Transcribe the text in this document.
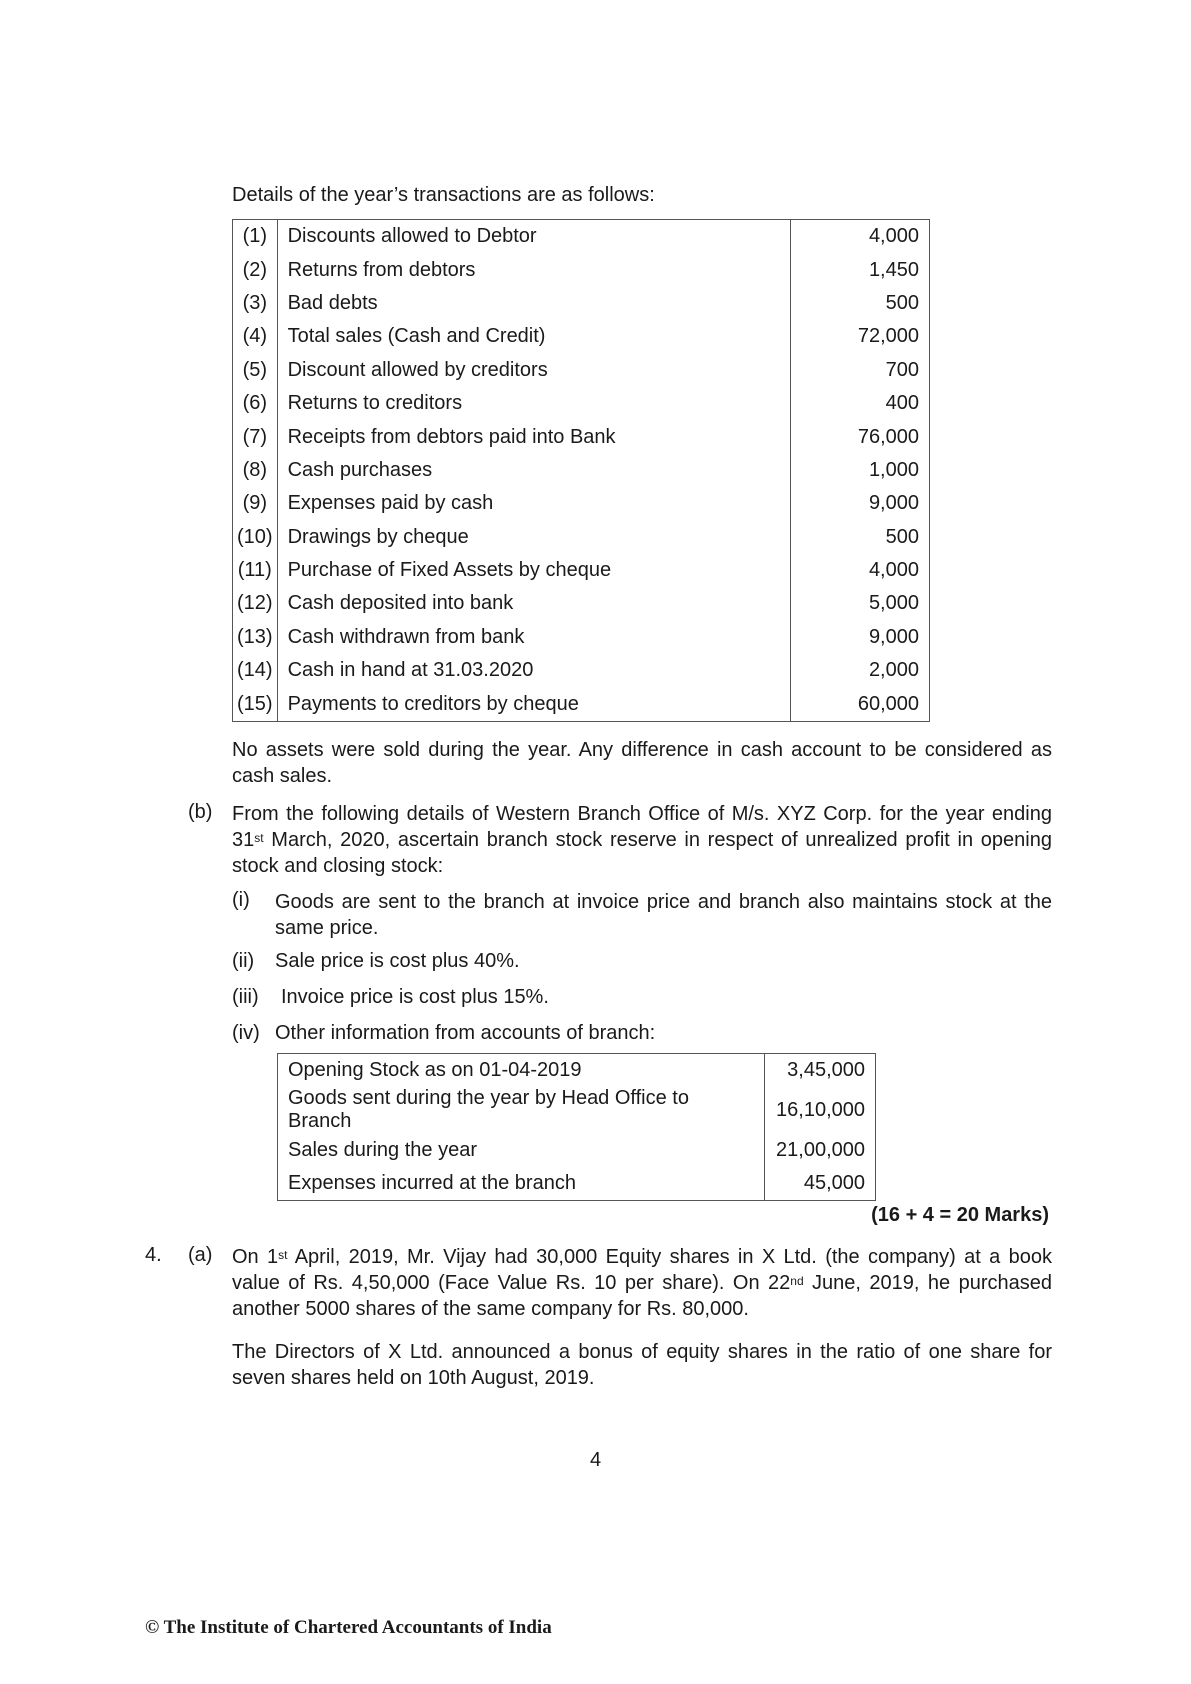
Details of the year’s transactions are as follows:
(1)	Discounts allowed to Debtor	4,000
(2)	Returns from debtors	1,450
(3)	Bad debts	500
(4)	Total sales (Cash and Credit)	72,000
(5)	Discount allowed by creditors	700
(6)	Returns to creditors	400
(7)	Receipts from debtors paid into Bank	76,000
(8)	Cash purchases	1,000
(9)	Expenses paid by cash	9,000
(10)	Drawings by cheque	500
(11)	Purchase of Fixed Assets by cheque	4,000
(12)	Cash deposited into bank	5,000
(13)	Cash withdrawn from bank	9,000
(14)	Cash in hand at 31.03.2020	2,000
(15)	Payments to creditors by cheque	60,000
No assets were sold during the year. Any difference in cash account to be considered as cash sales.
(b) From the following details of Western Branch Office of M/s. XYZ Corp. for the year ending 31st March, 2020, ascertain branch stock reserve in respect of unrealized profit in opening stock and closing stock:
(i) Goods are sent to the branch at invoice price and branch also maintains stock at the same price.
(ii) Sale price is cost plus 40%.
(iii) Invoice price is cost plus 15%.
(iv) Other information from accounts of branch:
Opening Stock as on 01-04-2019	3,45,000
Goods sent during the year by Head Office to Branch	16,10,000
Sales during the year	21,00,000
Expenses incurred at the branch	45,000
(16 + 4 = 20 Marks)
4. (a) On 1st April, 2019, Mr. Vijay had 30,000 Equity shares in X Ltd. (the company) at a book value of Rs. 4,50,000 (Face Value Rs. 10 per share). On 22nd June, 2019, he purchased another 5000 shares of the same company for Rs. 80,000.
The Directors of X Ltd. announced a bonus of equity shares in the ratio of one share for seven shares held on 10th August, 2019.
4
© The Institute of Chartered Accountants of India
